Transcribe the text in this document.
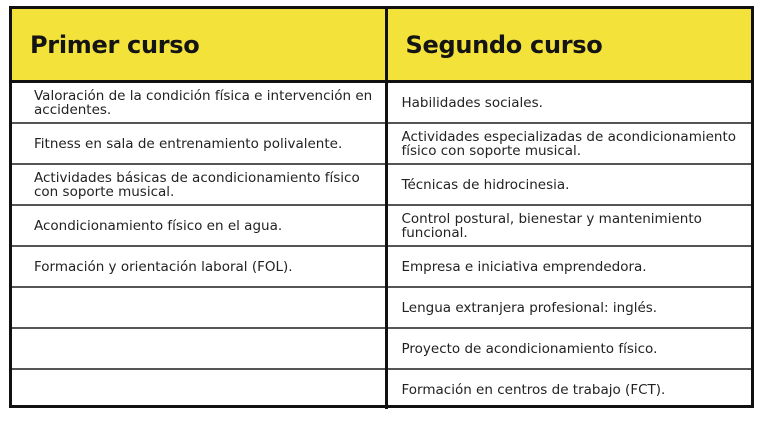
Primer curso	Segundo curso
Valoración de la condición física e intervención en accidentes.	Habilidades sociales.
Fitness en sala de entrenamiento polivalente.	Actividades especializadas de acondicionamiento físico con soporte musical.
Actividades básicas de acondicionamiento físico con soporte musical.	Técnicas de hidrocinesia.
Acondicionamiento físico en el agua.	Control postural, bienestar y mantenimiento funcional.
Formación y orientación laboral (FOL).	Empresa e iniciativa emprendedora.
	Lengua extranjera profesional: inglés.
	Proyecto de acondicionamiento físico.
	Formación en centros de trabajo (FCT).
